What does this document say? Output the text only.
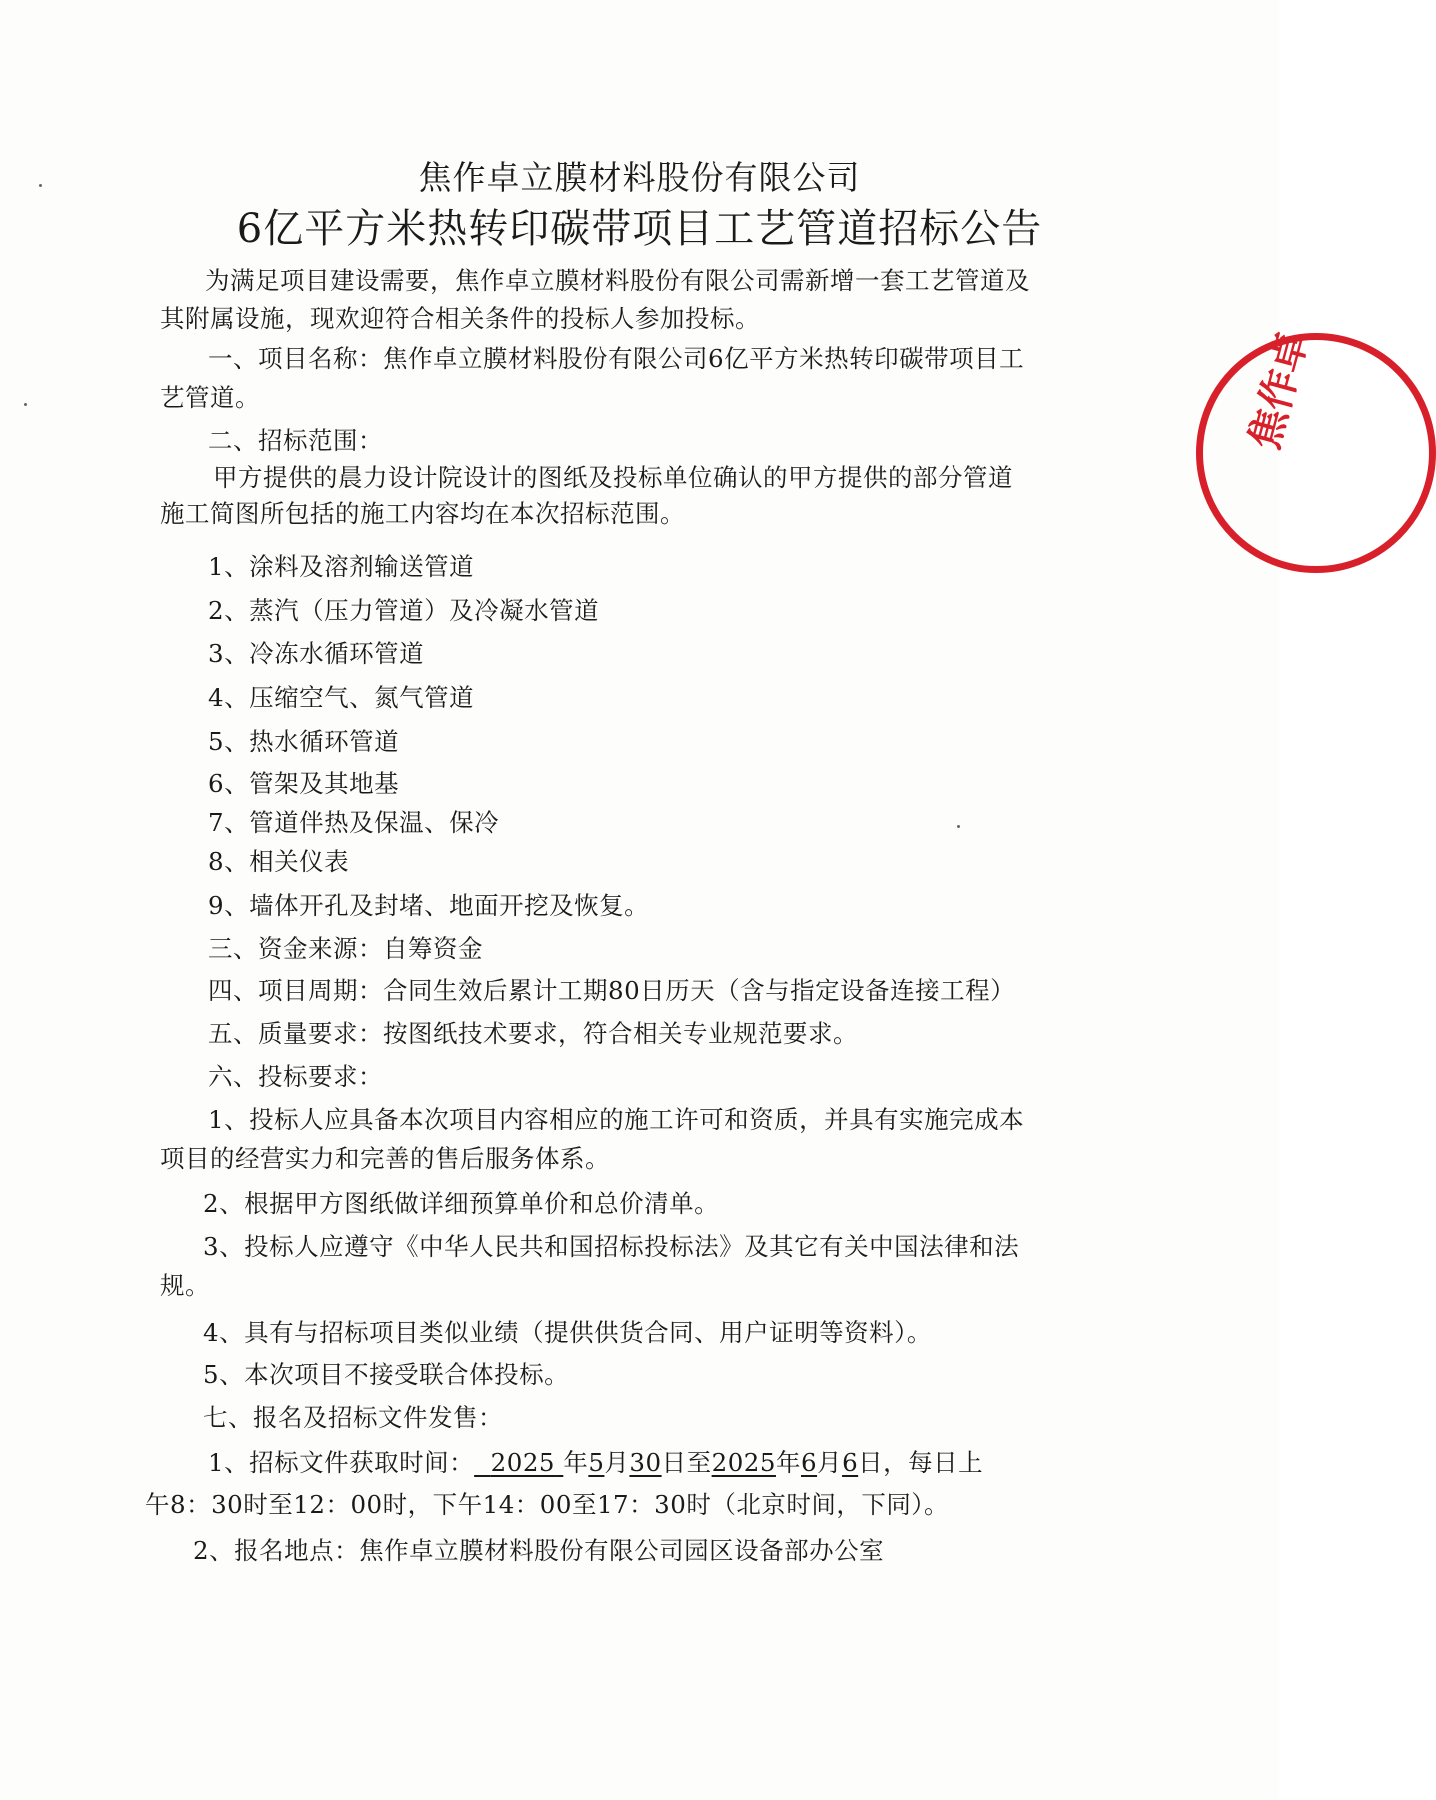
焦作卓立膜材料股份有限公司
6亿平方米热转印碳带项目工艺管道招标公告
为满足项目建设需要，焦作卓立膜材料股份有限公司需新增一套工艺管道及
其附属设施，现欢迎符合相关条件的投标人参加投标。
一、项目名称：焦作卓立膜材料股份有限公司6亿平方米热转印碳带项目工
艺管道。
二、招标范围：
甲方提供的晨力设计院设计的图纸及投标单位确认的甲方提供的部分管道
施工简图所包括的施工内容均在本次招标范围。
1、涂料及溶剂输送管道
2、蒸汽（压力管道）及冷凝水管道
3、冷冻水循环管道
4、压缩空气、氮气管道
5、热水循环管道
6、管架及其地基
7、管道伴热及保温、保冷
8、相关仪表
9、墙体开孔及封堵、地面开挖及恢复。
三、资金来源：自筹资金
四、项目周期：合同生效后累计工期80日历天（含与指定设备连接工程）
五、质量要求：按图纸技术要求，符合相关专业规范要求。
六、投标要求：
1、投标人应具备本次项目内容相应的施工许可和资质，并具有实施完成本
项目的经营实力和完善的售后服务体系。
2、根据甲方图纸做详细预算单价和总价清单。
3、投标人应遵守《中华人民共和国招标投标法》及其它有关中国法律和法
规。
4、具有与招标项目类似业绩（提供供货合同、用户证明等资料）。
5、本次项目不接受联合体投标。
七、报名及招标文件发售：
1、招标文件获取时间： 2025 年5月30日至2025年6月6日，每日上
午8：30时至12：00时，下午14：00至17：30时（北京时间，下同）。
2、报名地点：焦作卓立膜材料股份有限公司园区设备部办公室
焦作卓
